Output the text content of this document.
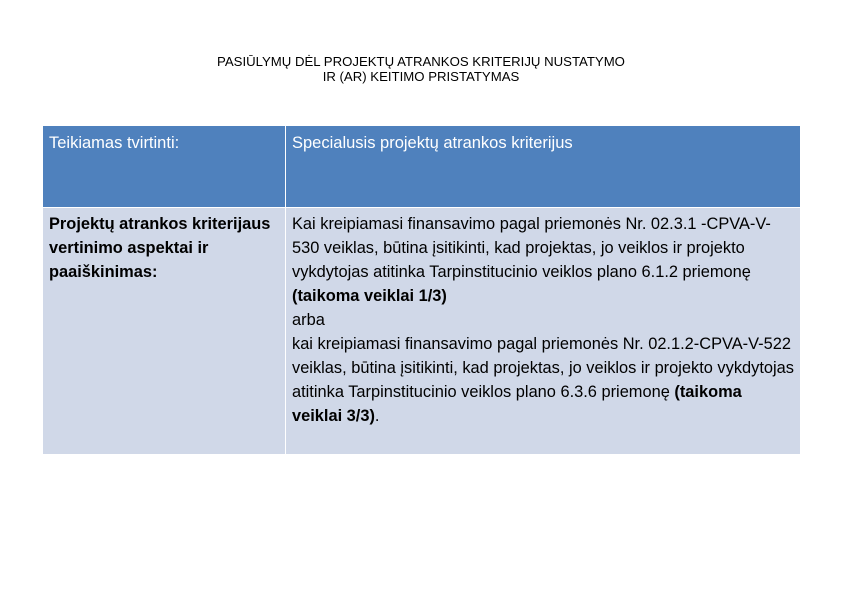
PASIŪLYMŲ DĖL PROJEKTŲ ATRANKOS KRITERIJŲ NUSTATYMO
IR (AR) KEITIMO PRISTATYMAS
Teikiamas tvirtinti:	Specialusis projektų atrankos kriterijus

Projektų atrankos kriterijaus vertinimo aspektai ir paaiškinimas:	Kai kreipiamasi finansavimo pagal priemonės Nr. 02.3.1 -CPVA-V-530 veiklas, būtina įsitikinti, kad projektas, jo veiklos ir projekto vykdytojas atitinka Tarpinstitucinio veiklos plano 6.1.2 priemonę (taikoma veiklai 1/3)
arba
kai kreipiamasi finansavimo pagal priemonės Nr. 02.1.2-CPVA-V-522 veiklas, būtina įsitikinti, kad projektas, jo veiklos ir projekto vykdytojas atitinka Tarpinstitucinio veiklos plano 6.3.6 priemonę (taikoma veiklai 3/3).
